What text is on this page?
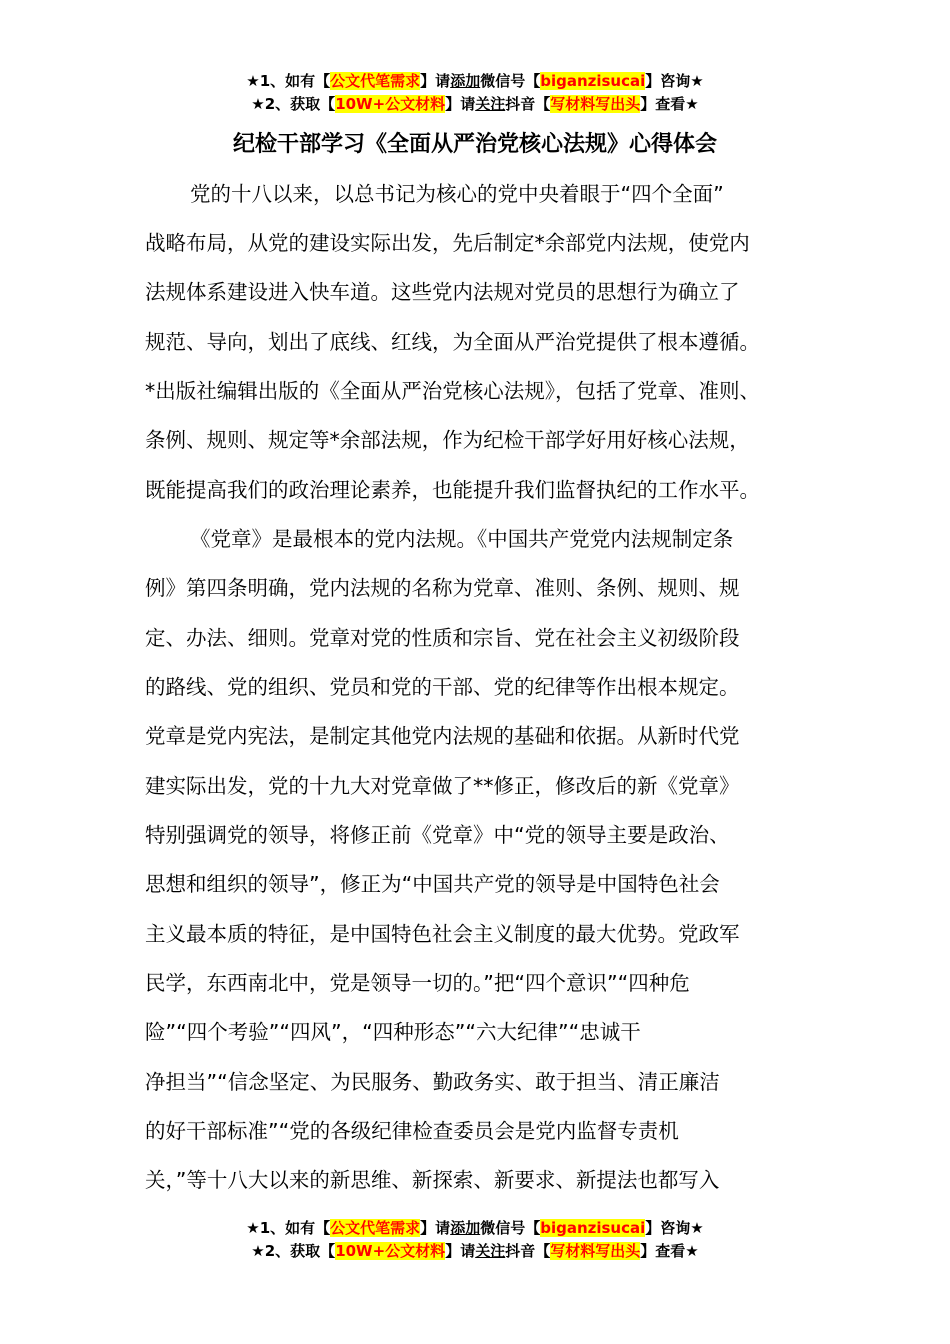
★1、如有【公文代笔需求】请添加微信号【biganzisucai】咨询★
★2、获取【10W+公文材料】请关注抖音【写材料写出头】查看★
纪检干部学习《全面从严治党核心法规》心得体会
党的十八以来，以总书记为核心的党中央着眼于“四个全面”
战略布局，从党的建设实际出发，先后制定*余部党内法规，使党内
法规体系建设进入快车道。这些党内法规对党员的思想行为确立了
规范、导向，划出了底线、红线，为全面从严治党提供了根本遵循。
*出版社编辑出版的《全面从严治党核心法规》，包括了党章、准则、
条例、规则、规定等*余部法规，作为纪检干部学好用好核心法规，
既能提高我们的政治理论素养，也能提升我们监督执纪的工作水平。
《党章》是最根本的党内法规。《中国共产党党内法规制定条
例》第四条明确，党内法规的名称为党章、准则、条例、规则、规
定、办法、细则。党章对党的性质和宗旨、党在社会主义初级阶段
的路线、党的组织、党员和党的干部、党的纪律等作出根本规定。
党章是党内宪法，是制定其他党内法规的基础和依据。从新时代党
建实际出发，党的十九大对党章做了**修正，修改后的新《党章》
特别强调党的领导，将修正前《党章》中“党的领导主要是政治、
思想和组织的领导”，修正为“中国共产党的领导是中国特色社会
主义最本质的特征，是中国特色社会主义制度的最大优势。党政军
民学，东西南北中，党是领导一切的。”把“四个意识”“四种危
险”“四个考验”“四风”，“四种形态”“六大纪律”“忠诚干
净担当”“信念坚定、为民服务、勤政务实、敢于担当、清正廉洁
的好干部标准”“党的各级纪律检查委员会是党内监督专责机
关，”等十八大以来的新思维、新探索、新要求、新提法也都写入
★1、如有【公文代笔需求】请添加微信号【biganzisucai】咨询★
★2、获取【10W+公文材料】请关注抖音【写材料写出头】查看★
